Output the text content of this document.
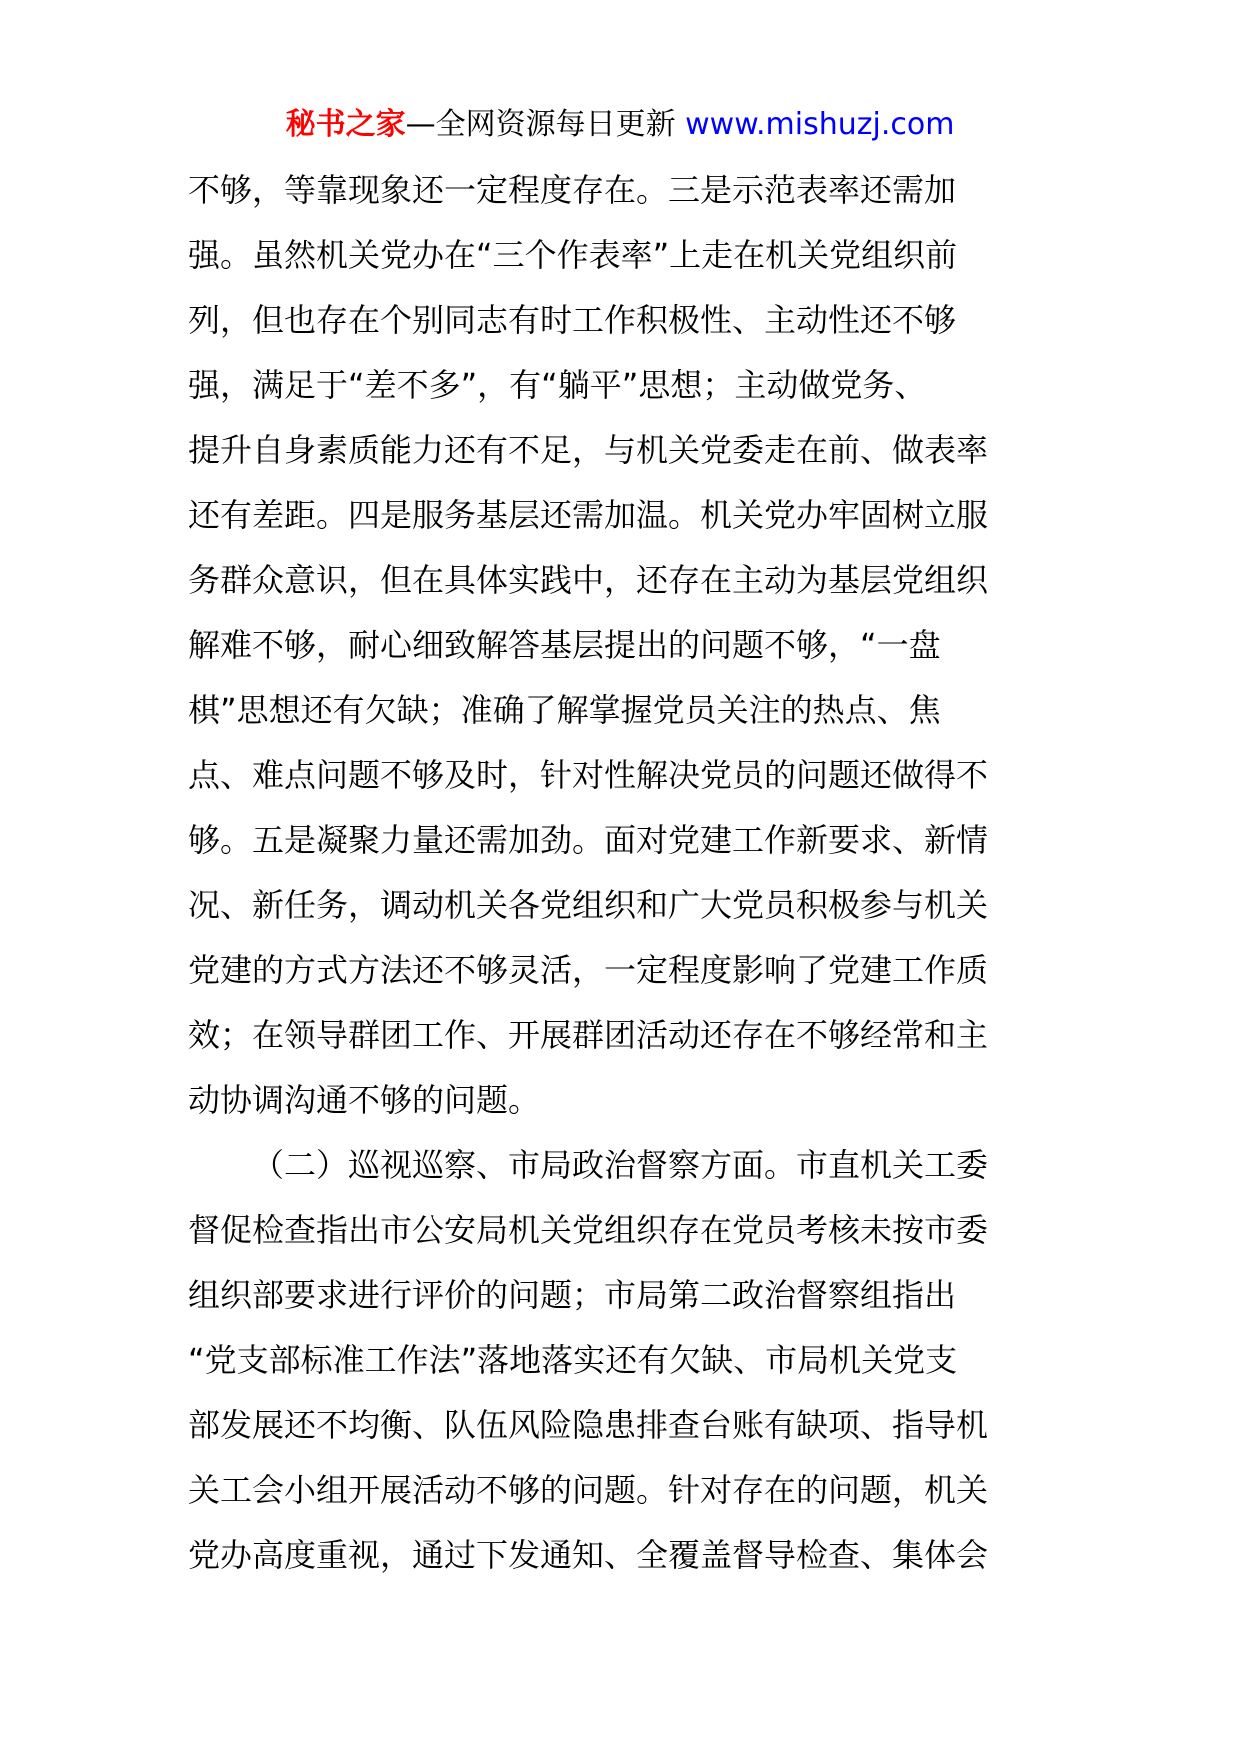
秘书之家—全网资源每日更新 www.mishuzj.com
不够，等靠现象还一定程度存在。三是示范表率还需加
强。虽然机关党办在“三个作表率”上走在机关党组织前
列，但也存在个别同志有时工作积极性、主动性还不够
强，满足于“差不多”，有“躺平”思想；主动做党务、
提升自身素质能力还有不足，与机关党委走在前、做表率
还有差距。四是服务基层还需加温。机关党办牢固树立服
务群众意识，但在具体实践中，还存在主动为基层党组织
解难不够，耐心细致解答基层提出的问题不够，“一盘
棋”思想还有欠缺；准确了解掌握党员关注的热点、焦
点、难点问题不够及时，针对性解决党员的问题还做得不
够。五是凝聚力量还需加劲。面对党建工作新要求、新情
况、新任务，调动机关各党组织和广大党员积极参与机关
党建的方式方法还不够灵活，一定程度影响了党建工作质
效；在领导群团工作、开展群团活动还存在不够经常和主
动协调沟通不够的问题。
（二）巡视巡察、市局政治督察方面。市直机关工委
督促检查指出市公安局机关党组织存在党员考核未按市委
组织部要求进行评价的问题；市局第二政治督察组指出
“党支部标准工作法”落地落实还有欠缺、市局机关党支
部发展还不均衡、队伍风险隐患排查台账有缺项、指导机
关工会小组开展活动不够的问题。针对存在的问题，机关
党办高度重视，通过下发通知、全覆盖督导检查、集体会
